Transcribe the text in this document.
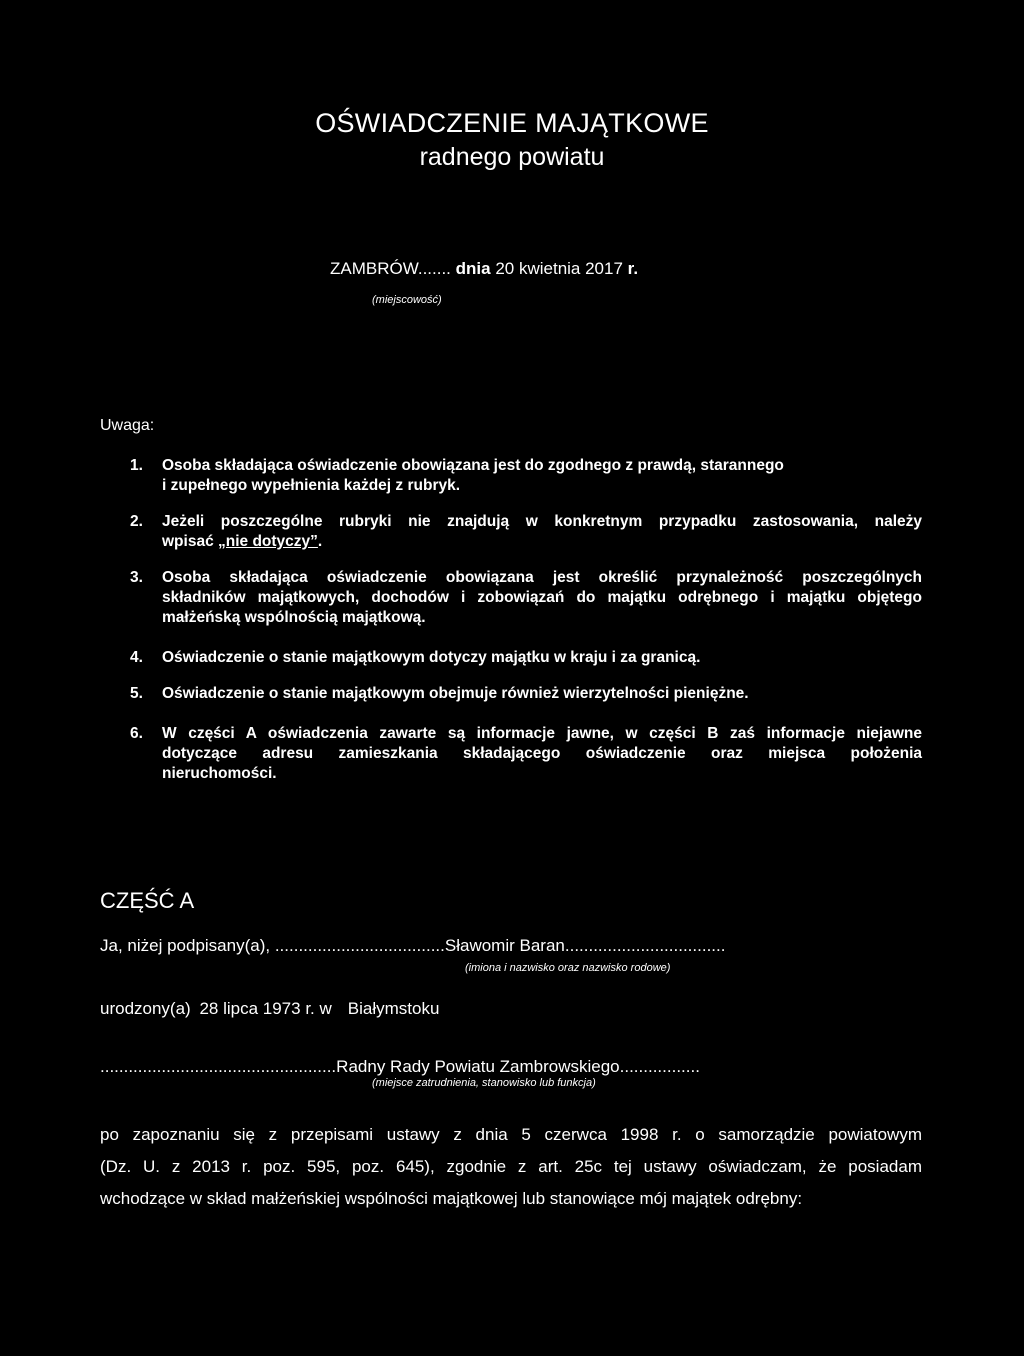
OŚWIADCZENIE MAJĄTKOWE
radnego powiatu
ZAMBRÓW....... dnia 20 kwietnia 2017 r.
(miejscowość)
Uwaga:
1. Osoba składająca oświadczenie obowiązana jest do zgodnego z prawdą, starannego
i zupełnego wypełnienia każdej z rubryk.
2. Jeżeli poszczególne rubryki nie znajdują w konkretnym przypadku zastosowania, należy
wpisać „nie dotyczy”.
3. Osoba składająca oświadczenie obowiązana jest określić przynależność poszczególnych
składników majątkowych, dochodów i zobowiązań do majątku odrębnego i majątku objętego
małżeńską wspólnością majątkową.
4. Oświadczenie o stanie majątkowym dotyczy majątku w kraju i za granicą.
5. Oświadczenie o stanie majątkowym obejmuje również wierzytelności pieniężne.
6. W części A oświadczenia zawarte są informacje jawne, w części B zaś informacje niejawne
dotyczące adresu zamieszkania składającego oświadczenie oraz miejsca położenia
nieruchomości.
CZĘŚĆ A
Ja, niżej podpisany(a), ....................................Sławomir Baran..................................
(imiona i nazwisko oraz nazwisko rodowe)
urodzony(a) 28 lipca 1973 r. w Białymstoku
..................................................Radny Rady Powiatu Zambrowskiego.................
(miejsce zatrudnienia, stanowisko lub funkcja)
po zapoznaniu się z przepisami ustawy z dnia 5 czerwca 1998 r. o samorządzie powiatowym
(Dz. U. z 2013 r. poz. 595, poz. 645), zgodnie z art. 25c tej ustawy oświadczam, że posiadam
wchodzące w skład małżeńskiej wspólności majątkowej lub stanowiące mój majątek odrębny:
